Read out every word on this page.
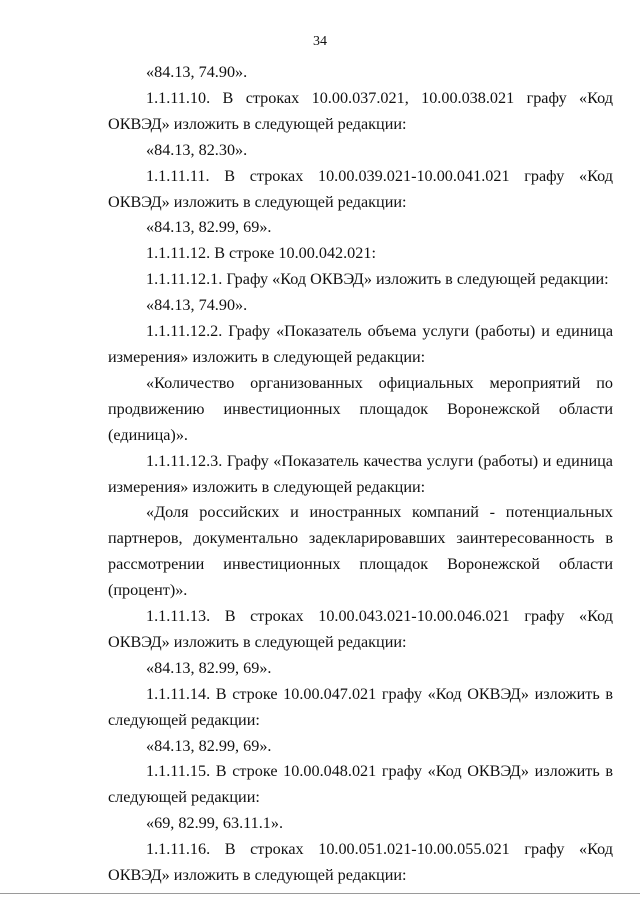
34

«84.13, 74.90».

1.1.11.10. В строках 10.00.037.021, 10.00.038.021 графу «Код ОКВЭД» изложить в следующей редакции:

«84.13, 82.30».

1.1.11.11. В строках 10.00.039.021-10.00.041.021 графу «Код ОКВЭД» изложить в следующей редакции:

«84.13, 82.99, 69».

1.1.11.12. В строке 10.00.042.021:

1.1.11.12.1. Графу «Код ОКВЭД» изложить в следующей редакции:

«84.13, 74.90».

1.1.11.12.2. Графу «Показатель объема услуги (работы) и единица измерения» изложить в следующей редакции:

«Количество организованных официальных мероприятий по продвижению инвестиционных площадок Воронежской области (единица)».

1.1.11.12.3. Графу «Показатель качества услуги (работы) и единица измерения» изложить в следующей редакции:

«Доля российских и иностранных компаний - потенциальных партнеров, документально задекларировавших заинтересованность в рассмотрении инвестиционных площадок Воронежской области (процент)».

1.1.11.13. В строках 10.00.043.021-10.00.046.021 графу «Код ОКВЭД» изложить в следующей редакции:

«84.13, 82.99, 69».

1.1.11.14. В строке 10.00.047.021 графу «Код ОКВЭД» изложить в следующей редакции:

«84.13, 82.99, 69».

1.1.11.15. В строке 10.00.048.021 графу «Код ОКВЭД» изложить в следующей редакции:

«69, 82.99, 63.11.1».

1.1.11.16. В строках 10.00.051.021-10.00.055.021 графу «Код ОКВЭД» изложить в следующей редакции:
